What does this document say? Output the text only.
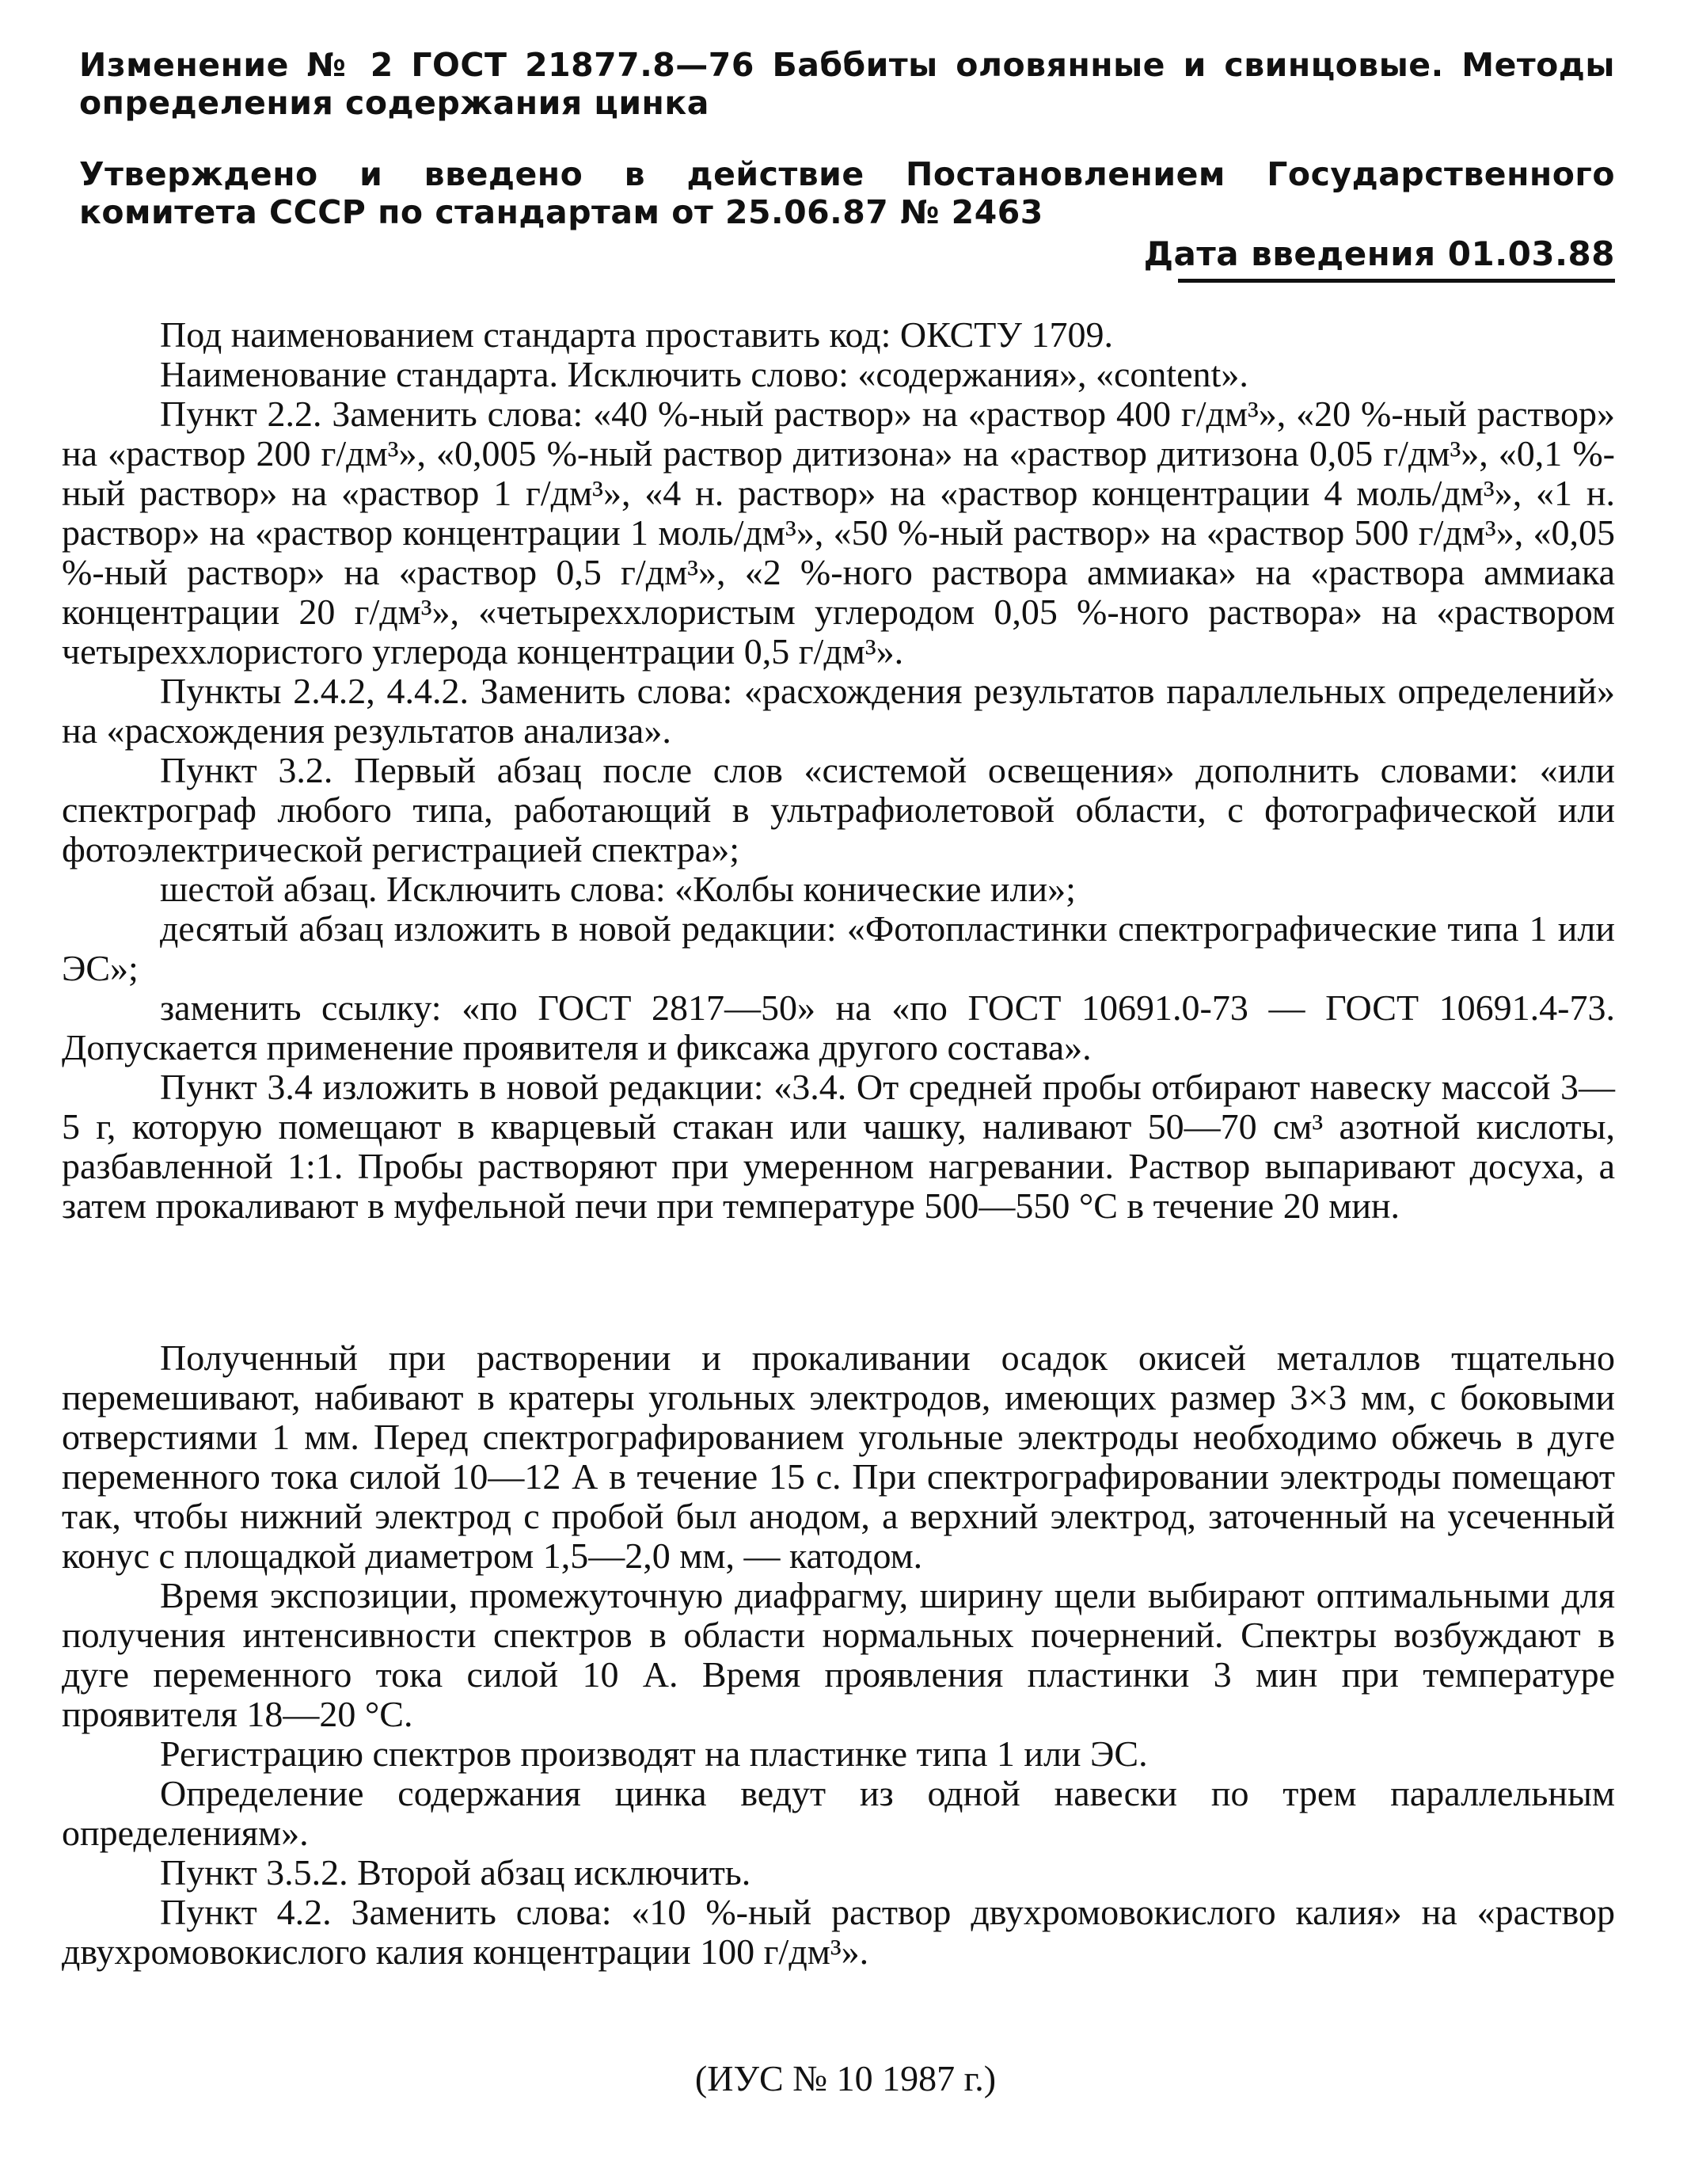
Изменение № 2 ГОСТ 21877.8—76 Баббиты оловянные и свинцовые. Методы определения содержания цинка
Утверждено и введено в действие Постановлением Государственного комитета СССР по стандартам от 25.06.87 № 2463
Дата введения 01.03.88

Под наименованием стандарта проставить код: ОКСТУ 1709.

Наименование стандарта. Исключить слово: «содержания», «content».

Пункт 2.2. Заменить слова: «40 %-ный раствор» на «раствор 400 г/дм³», «20 %-ный раствор» на «раствор 200 г/дм³», «0,005 %-ный раствор дитизона» на «раствор дитизона 0,05 г/дм³», «0,1 %-ный раствор» на «раствор 1 г/дм³», «4 н. раствор» на «раствор концентрации 4 моль/дм³», «1 н. раствор» на «раствор концентрации 1 моль/дм³», «50 %-ный раствор» на «раствор 500 г/дм³», «0,05 %-ный раствор» на «раствор 0,5 г/дм³», «2 %-ного раствора аммиака» на «раствора аммиака концентрации 20 г/дм³», «четыреххлористым углеродом 0,05 %-ного раствора» на «раствором четыреххлористого углерода концентрации 0,5 г/дм³».

Пункты 2.4.2, 4.4.2. Заменить слова: «расхождения результатов параллельных определений» на «расхождения результатов анализа».

Пункт 3.2. Первый абзац после слов «системой освещения» дополнить словами: «или спектрограф любого типа, работающий в ультрафиолетовой области, с фотографической или фотоэлектрической регистрацией спектра»;

шестой абзац. Исключить слова: «Колбы конические или»;

десятый абзац изложить в новой редакции: «Фотопластинки спектрографические типа 1 или ЭС»;

заменить ссылку: «по ГОСТ 2817—50» на «по ГОСТ 10691.0-73 — ГОСТ 10691.4-73. Допускается применение проявителя и фиксажа другого состава».

Пункт 3.4 изложить в новой редакции: «3.4. От средней пробы отбирают навеску массой 3—5 г, которую помещают в кварцевый стакан или чашку, наливают 50—70 см³ азотной кислоты, разбавленной 1:1. Пробы растворяют при умеренном нагревании. Раствор выпаривают досуха, а затем прокаливают в муфельной печи при температуре 500—550 °С в течение 20 мин.

Полученный при растворении и прокаливании осадок окисей металлов тщательно перемешивают, набивают в кратеры угольных электродов, имеющих размер 3×3 мм, с боковыми отверстиями 1 мм. Перед спектрографированием угольные электроды необходимо обжечь в дуге переменного тока силой 10—12 А в течение 15 с. При спектрографировании электроды помещают так, чтобы нижний электрод с пробой был анодом, а верхний электрод, заточенный на усеченный конус с площадкой диаметром 1,5—2,0 мм, — катодом.

Время экспозиции, промежуточную диафрагму, ширину щели выбирают оптимальными для получения интенсивности спектров в области нормальных почернений. Спектры возбуждают в дуге переменного тока силой 10 А. Время проявления пластинки 3 мин при температуре проявителя 18—20 °С.

Регистрацию спектров производят на пластинке типа 1 или ЭС.

Определение содержания цинка ведут из одной навески по трем параллельным определениям».

Пункт 3.5.2. Второй абзац исключить.

Пункт 4.2. Заменить слова: «10 %-ный раствор двухромовокислого калия» на «раствор двухромовокислого калия концентрации 100 г/дм³».

(ИУС № 10 1987 г.)
